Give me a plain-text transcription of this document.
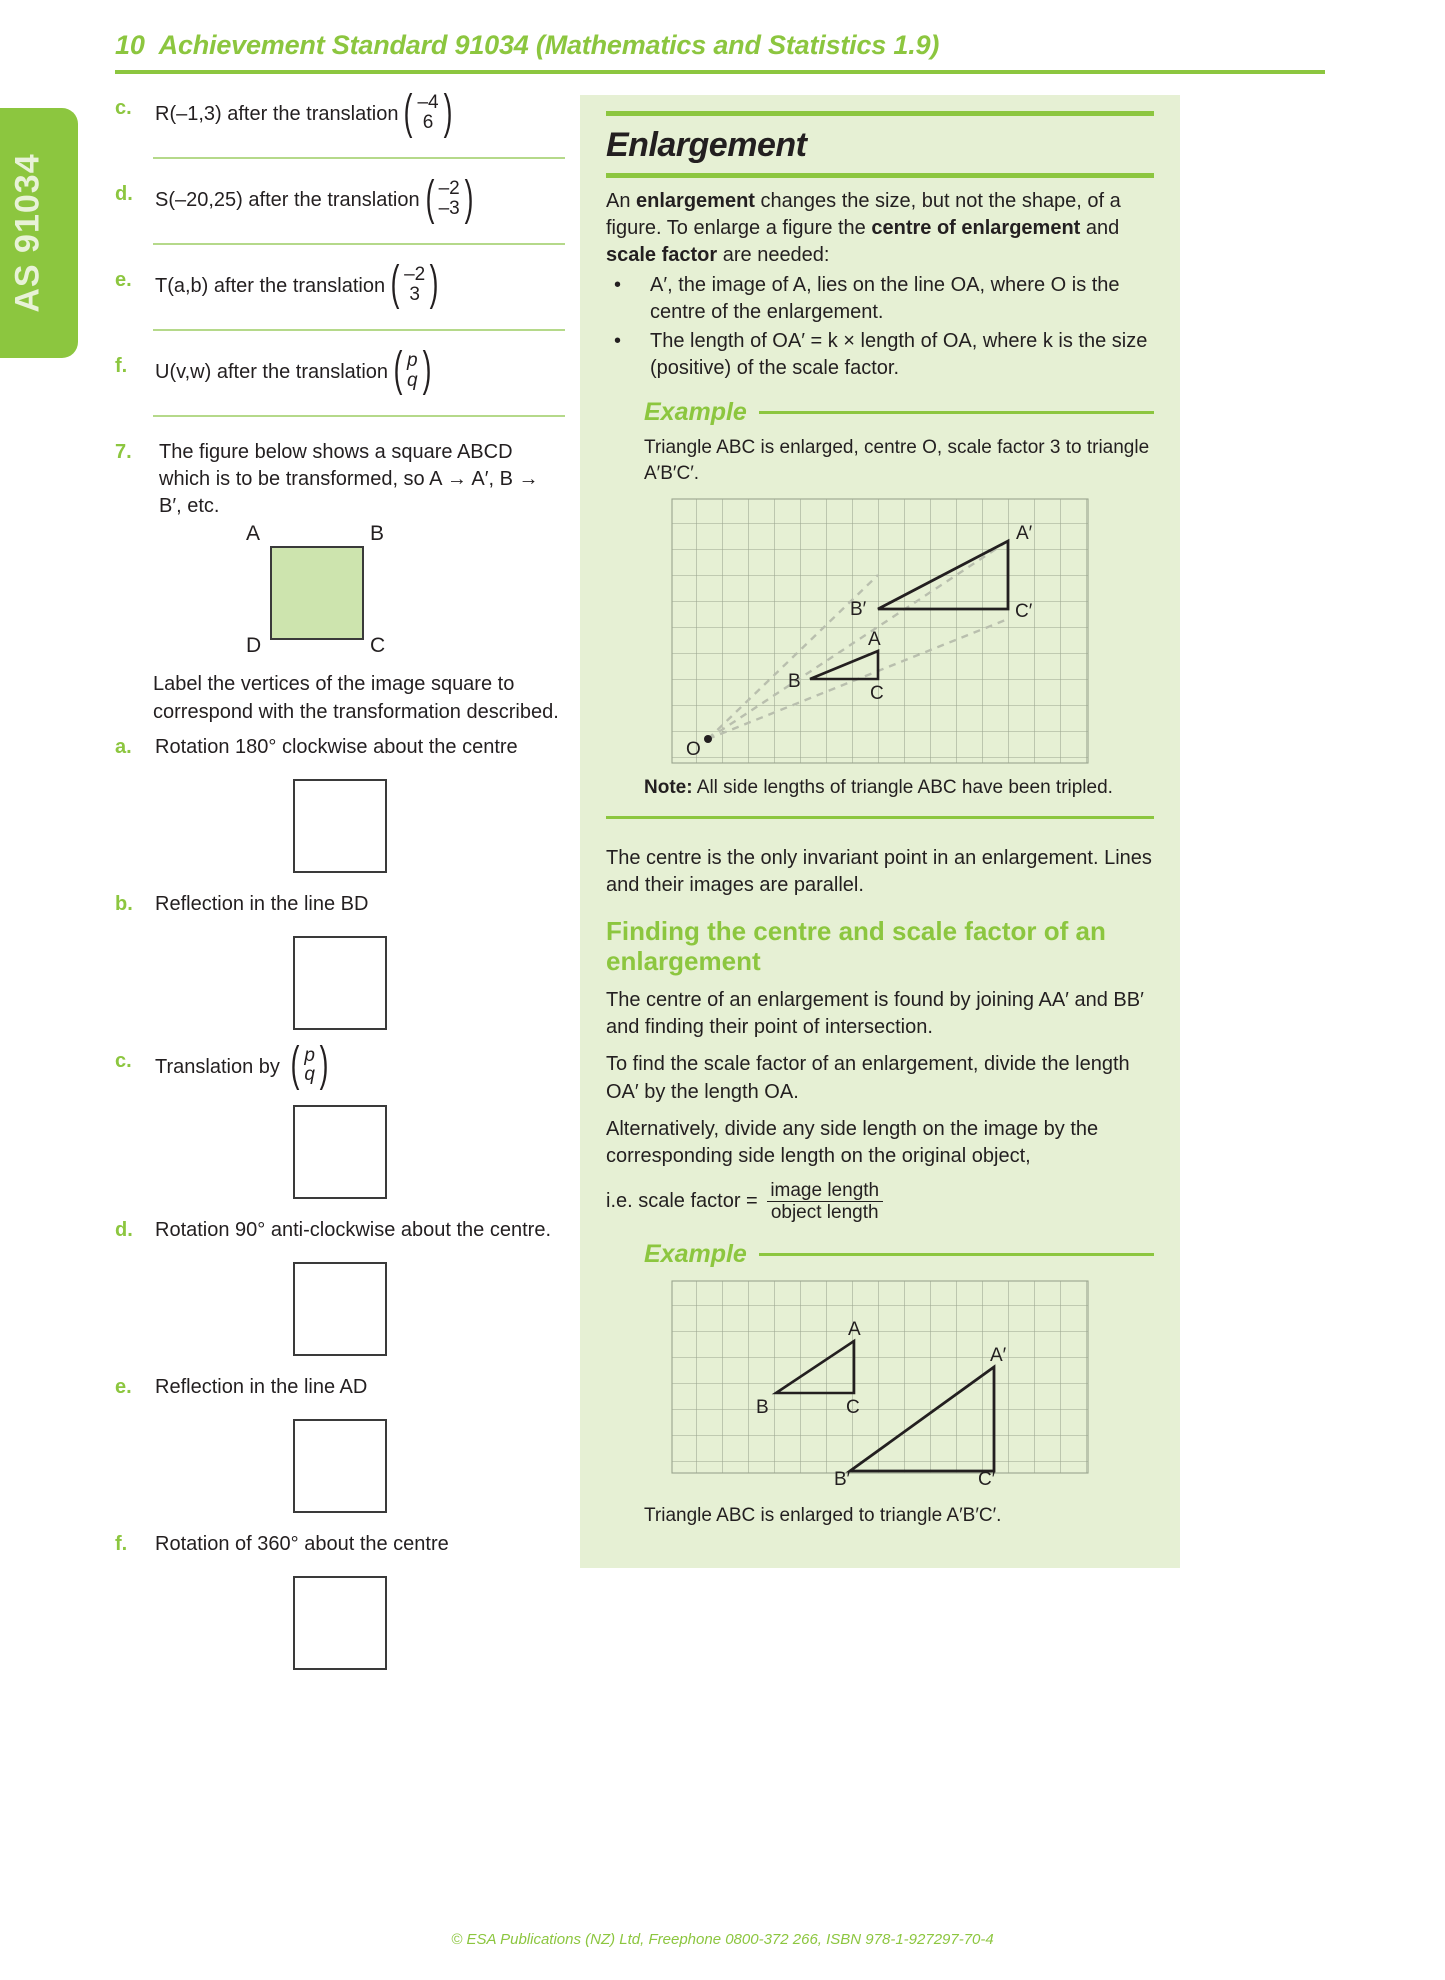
10 Achievement Standard 91034 (Mathematics and Statistics 1.9)
AS 91034
c.	R(–1,3) after the translation ( –4
6 )
d.	S(–20,25) after the translation ( –2
–3 )
e.	T(a,b) after the translation ( –2
3 )
f.	U(v,w) after the translation ( p
q )
7.	The figure below shows a square ABCD which is to be transformed, so A → A′, B → B′, etc.
A	B
D	C
Label the vertices of the image square to correspond with the transformation described.
a.	Rotation 180° clockwise about the centre
b.	Reflection in the line BD
c.	Translation by ( p
q )
d.	Rotation 90° anti-clockwise about the centre.
e.	Reflection in the line AD
f.	Rotation of 360° about the centre
Enlargement
An enlargement changes the size, but not the shape, of a figure. To enlarge a figure the centre of enlargement and scale factor are needed:
•	A′, the image of A, lies on the line OA, where O is the centre of the enlargement.
•	The length of OA′ = k × length of OA, where k is the size (positive) of the scale factor.
Example
Triangle ABC is enlarged, centre O, scale factor 3 to triangle A′B′C′.
O
B
C
A
B′	C′
A′
Note: All side lengths of triangle ABC have been tripled.
The centre is the only invariant point in an enlargement. Lines and their images are parallel.
Finding the centre and scale factor of an enlargement
The centre of an enlargement is found by joining AA′ and BB′ and finding their point of intersection.
To find the scale factor of an enlargement, divide the length OA′ by the length OA.
Alternatively, divide any side length on the image by the corresponding side length on the original object,
i.e. scale factor = $\frac{\text{image length}}{\text{object length}}$
Example
A
B	C
A′
B′	C′
Triangle ABC is enlarged to triangle A′B′C′.
© ESA Publications (NZ) Ltd, Freephone 0800-372 266, ISBN 978-1-927297-70-4
